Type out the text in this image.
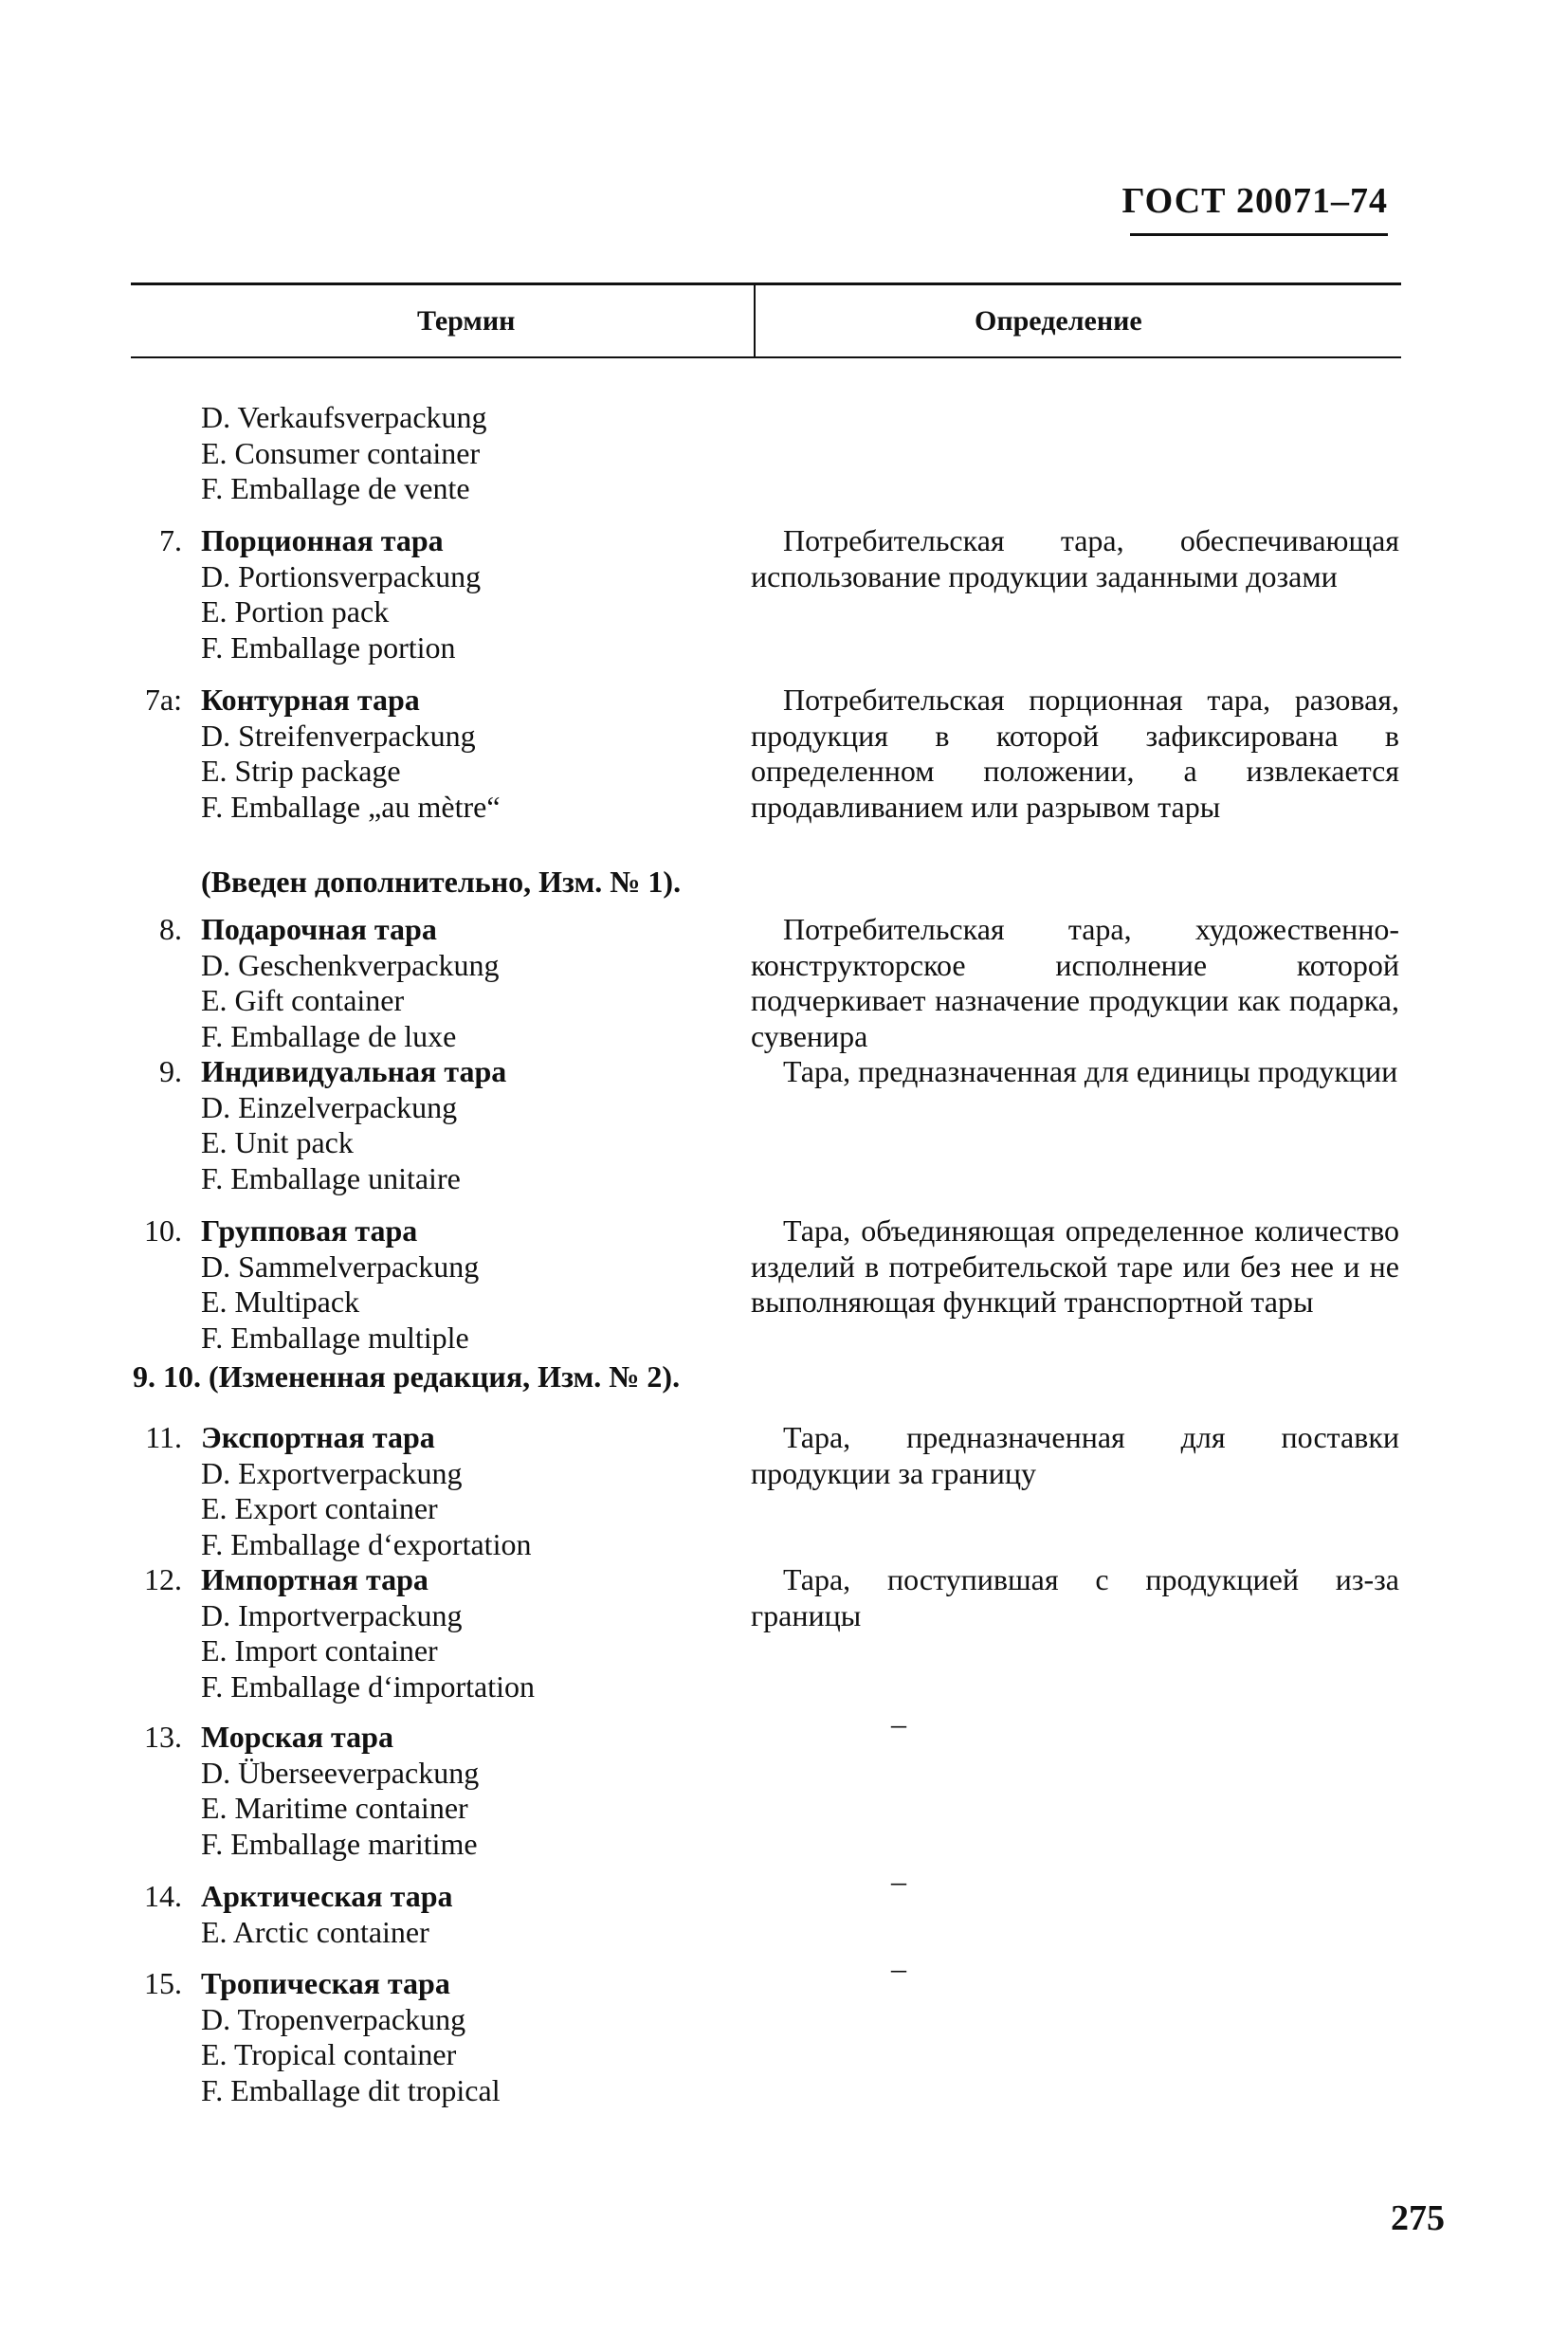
ГОСТ 20071–74
Термин	Определение
D. Verkaufsverpackung
E. Consumer container
F. Emballage de vente
7. Порционная тара
D. Portionsverpackung
E. Portion pack
F. Emballage portion
Потребительская тара, обеспечивающая использование продукции заданными дозами
7а: Контурная тара
D. Streifenverpackung
E. Strip package
F. Emballage „au mètre“
Потребительская порционная тара, разовая, продукция в которой зафиксирована в определенном положении, а извлекается продавливанием или разрывом тары
(Введен дополнительно, Изм. № 1).
8. Подарочная тара
D. Geschenkverpackung
E. Gift container
F. Emballage de luxe
Потребительская тара, художественно-конструкторское исполнение которой подчеркивает назначение продукции как подарка, сувенира
9. Индивидуальная тара
D. Einzelverpackung
E. Unit pack
F. Emballage unitaire
Тара, предназначенная для единицы продукции
10. Групповая тара
D. Sammelverpackung
E. Multipack
F. Emballage multiple
Тара, объединяющая определенное количество изделий в потребительской таре или без нее и не выполняющая функций транспортной тары
9. 10. (Измененная редакция, Изм. № 2).
11. Экспортная тара
D. Exportverpackung
E. Export container
F. Emballage d‘exportation
Тара, предназначенная для поставки продукции за границу
12. Импортная тара
D. Importverpackung
E. Import container
F. Emballage d‘importation
Тара, поступившая с продукцией из-за границы
13. Морская тара
D. Überseeverpackung
E. Maritime container
F. Emballage maritime
–
14. Арктическая тара
E. Arctic container
–
15. Тропическая тара
D. Tropenverpackung
E. Tropical container
F. Emballage dit tropical
–
275
